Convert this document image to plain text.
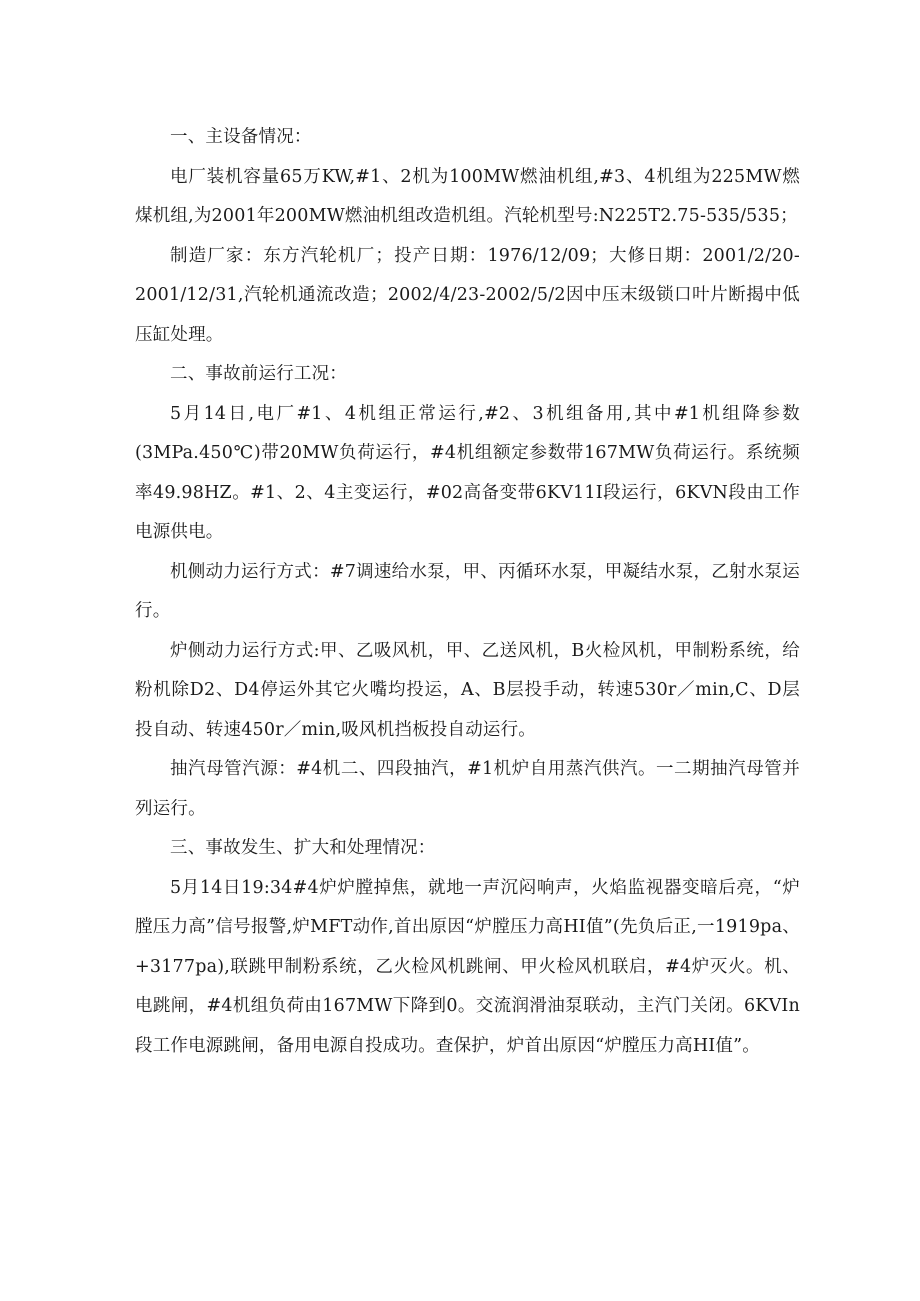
一、主设备情况：

电厂装机容量65万KW,#1、2机为100MW燃油机组,#3、4机组为225MW燃煤机组,为2001年200MW燃油机组改造机组。汽轮机型号:N225T2.75-535/535；

制造厂家：东方汽轮机厂；投产日期：1976/12/09；大修日期：2001/2/20-2001/12/31,汽轮机通流改造；2002/4/23-2002/5/2因中压末级锁口叶片断揭中低压缸处理。

二、事故前运行工况：

5月14日,电厂#1、4机组正常运行,#2、3机组备用,其中#1机组降参数(3MPa.450℃)带20MW负荷运行，#4机组额定参数带167MW负荷运行。系统频率49.98HZ。#1、2、4主变运行，#02高备变带6KV11I段运行，6KVN段由工作电源供电。

机侧动力运行方式：#7调速给水泵，甲、丙循环水泵，甲凝结水泵，乙射水泵运行。

炉侧动力运行方式:甲、乙吸风机，甲、乙送风机，B火检风机，甲制粉系统，给粉机除D2、D4停运外其它火嘴均投运，A、B层投手动，转速530r／min,C、D层投自动、转速450r／min,吸风机挡板投自动运行。

抽汽母管汽源：#4机二、四段抽汽，#1机炉自用蒸汽供汽。一二期抽汽母管并列运行。

三、事故发生、扩大和处理情况：

5月14日19:34#4炉炉膛掉焦，就地一声沉闷响声，火焰监视器变暗后亮，“炉膛压力高”信号报警,炉MFT动作,首出原因“炉膛压力高HI值”(先负后正,一1919pa、+3177pa),联跳甲制粉系统，乙火检风机跳闸、甲火检风机联启，#4炉灭火。机、电跳闸，#4机组负荷由167MW下降到0。交流润滑油泵联动，主汽门关闭。6KVIn段工作电源跳闸，备用电源自投成功。查保护，炉首出原因“炉膛压力高HI值”。
